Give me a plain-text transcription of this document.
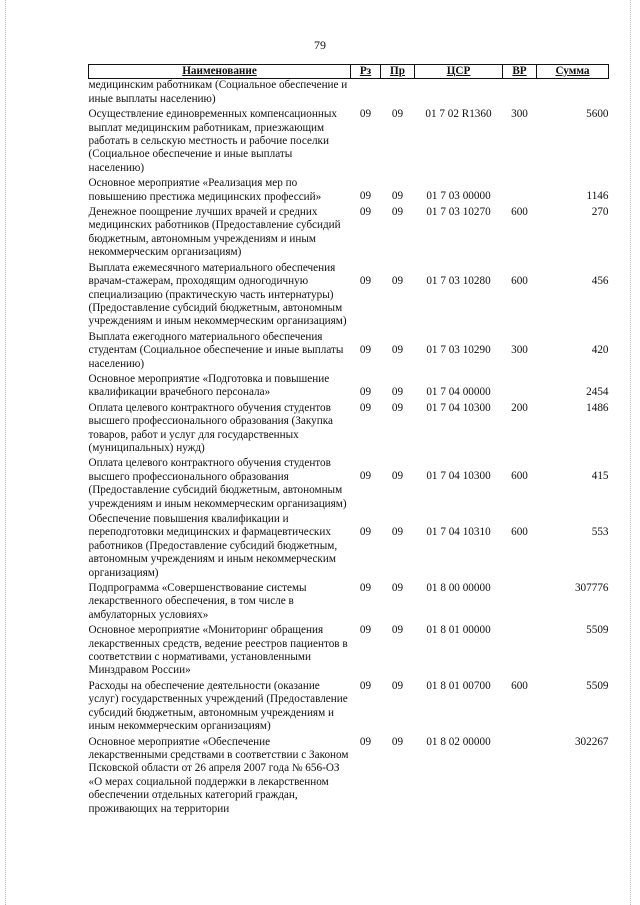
79
Наименование	Рз	Пр	ЦСР	ВР	Сумма
медицинским работникам (Социальное обеспечение и иные выплаты населению)					
Осуществление единовременных компенсационных выплат медицинским работникам, приезжающим работать в сельскую местность и рабочие поселки (Социальное обеспечение и иные выплаты населению)	09	09	01 7 02 R1360	300	5600
Основное мероприятие «Реализация мер по повышению престижа медицинских профессий»	09	09	01 7 03 00000		1146
Денежное поощрение лучших врачей и средних медицинских работников (Предоставление субсидий бюджетным, автономным учреждениям и иным некоммерческим организациям)	09	09	01 7 03 10270	600	270
Выплата ежемесячного материального обеспечения врачам-стажерам, проходящим одногодичную специализацию (практическую часть интернатуры) (Предоставление субсидий бюджетным, автономным учреждениям и иным некоммерческим организациям)	09	09	01 7 03 10280	600	456
Выплата ежегодного материального обеспечения студентам (Социальное обеспечение и иные выплаты населению)	09	09	01 7 03 10290	300	420
Основное мероприятие «Подготовка и повышение квалификации врачебного персонала»	09	09	01 7 04 00000		2454
Оплата целевого контрактного обучения студентов высшего профессионального образования (Закупка товаров, работ и услуг для государственных (муниципальных) нужд)	09	09	01 7 04 10300	200	1486
Оплата целевого контрактного обучения студентов высшего профессионального образования (Предоставление субсидий бюджетным, автономным учреждениям и иным некоммерческим организациям)	09	09	01 7 04 10300	600	415
Обеспечение повышения квалификации и переподготовки медицинских и фармацевтических работников (Предоставление субсидий бюджетным, автономным учреждениям и иным некоммерческим организациям)	09	09	01 7 04 10310	600	553
Подпрограмма «Совершенствование системы лекарственного обеспечения, в том числе в амбулаторных условиях»	09	09	01 8 00 00000		307776
Основное мероприятие «Мониторинг обращения лекарственных средств, ведение реестров пациентов в соответствии с нормативами, установленными Минздравом России»	09	09	01 8 01 00000		5509
Расходы на обеспечение деятельности (оказание услуг) государственных учреждений (Предоставление субсидий бюджетным, автономным учреждениям и иным некоммерческим организациям)	09	09	01 8 01 00700	600	5509
Основное мероприятие «Обеспечение лекарственными средствами в соответствии с Законом Псковской области от 26 апреля 2007 года № 656-ОЗ «О мерах социальной поддержки в лекарственном обеспечении отдельных категорий граждан, проживающих на территории	09	09	01 8 02 00000		302267
